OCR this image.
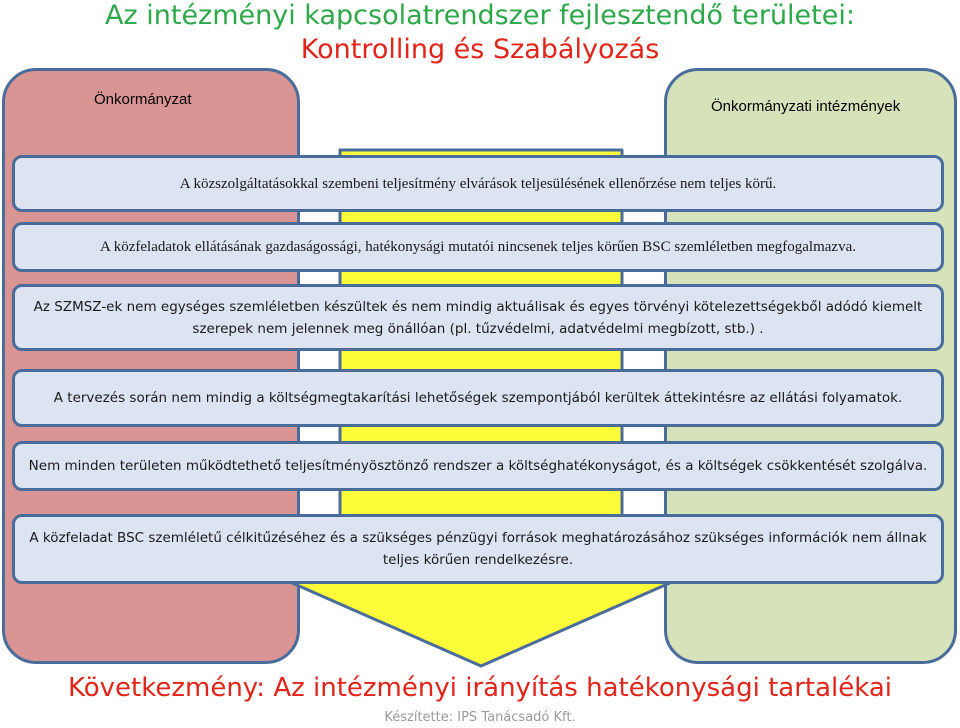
Az intézményi kapcsolatrendszer fejlesztendő területei:
Kontrolling és Szabályozás
Önkormányzat	Önkormányzati intézmények
A közszolgáltatásokkal szembeni teljesítmény elvárások teljesülésének ellenőrzése nem teljes körű.
A közfeladatok ellátásának gazdaságossági, hatékonysági mutatói nincsenek teljes körűen BSC szemléletben megfogalmazva.
Az SZMSZ-ek nem egységes szemléletben készültek és nem mindig aktuálisak és egyes törvényi kötelezettségekből adódó kiemelt szerepek nem jelennek meg önállóan (pl. tűzvédelmi, adatvédelmi megbízott, stb.) .
A tervezés során nem mindig a költségmegtakarítási lehetőségek szempontjából kerültek áttekintésre az ellátási folyamatok.
Nem minden területen működtethető teljesítményösztönző rendszer a költséghatékonyságot, és a költségek csökkentését szolgálva.
A közfeladat BSC szemléletű célkitűzéséhez és a szükséges pénzügyi források meghatározásához szükséges információk nem állnak teljes körűen rendelkezésre.
Következmény: Az intézményi irányítás hatékonysági tartalékai
Készítette: IPS Tanácsadó Kft.
